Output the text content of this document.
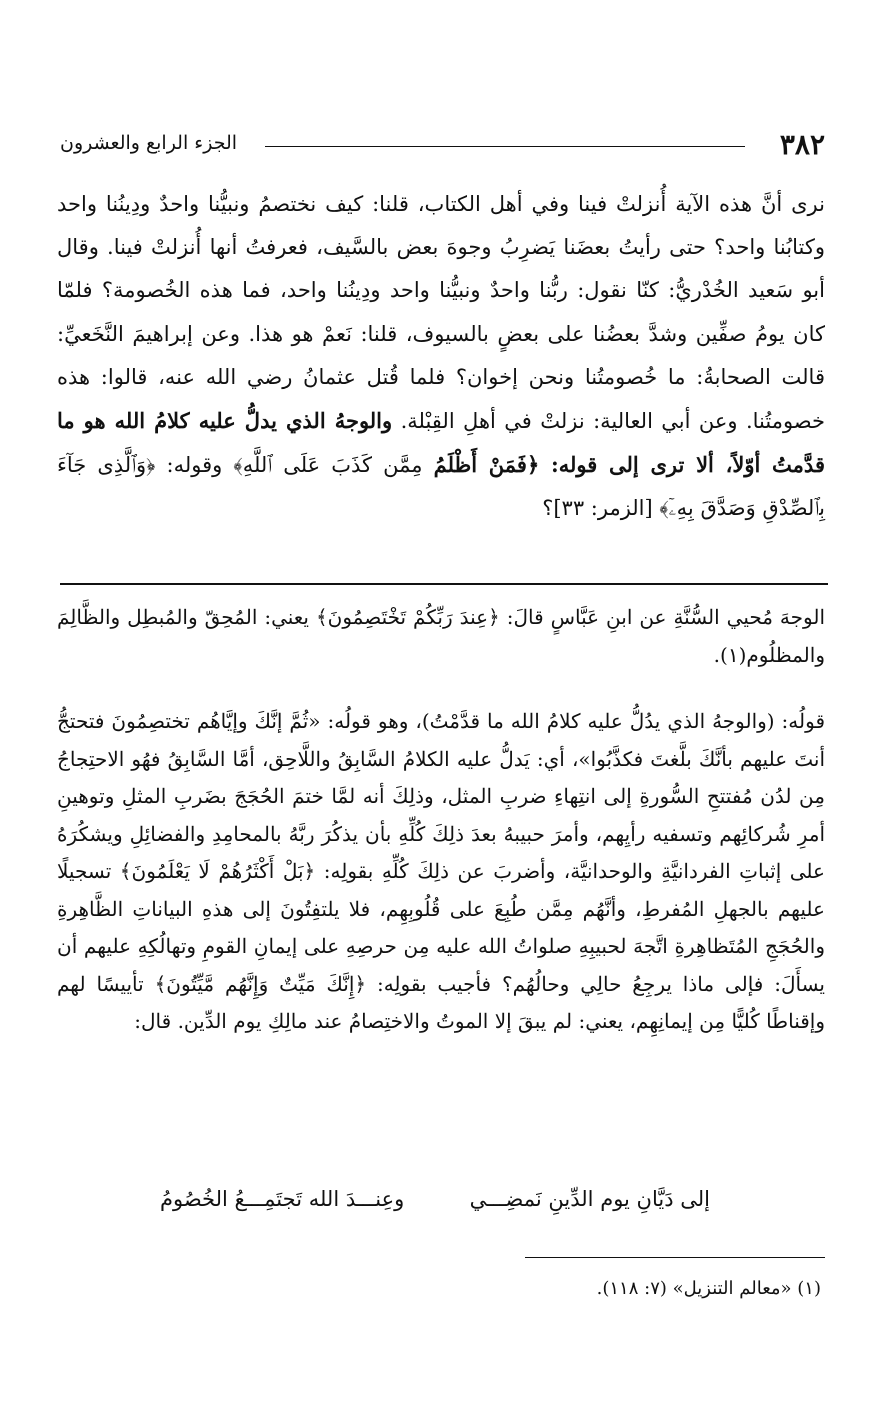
٣٨٢
الجزء الرابع والعشرون
نرى أنَّ هذه الآية أُنزلتْ فينا وفي أهل الكتاب، قلنا: كيف نختصمُ ونبيُّنا واحدٌ ودِينُنا واحد وكتابُنا واحد؟ حتى رأيتُ بعضَنا يَضرِبُ وجوهَ بعض بالسَّيف، فعرفتُ أنها أُنزلتْ فينا. وقال أبو سَعيد الخُدْريُّ: كنّا نقول: ربُّنا واحدٌ ونبيُّنا واحد ودِينُنا واحد، فما هذه الخُصومة؟ فلمّا كان يومُ صفِّين وشدَّ بعضُنا على بعضٍ بالسيوف، قلنا: نَعمْ هو هذا. وعن إبراهيمَ النَّخَعيِّ: قالت الصحابةُ: ما خُصومتُنا ونحن إخوان؟ فلما قُتل عثمانُ رضي الله عنه، قالوا: هذه خصومتُنا. وعن أبي العالية: نزلتْ في أهلِ القِبْلة. والوجهُ الذي يدلُّ عليه كلامُ الله هو ما قدَّمتُ أوّلاً، ألا ترى إلى قوله: ﴿فَمَنْ أَظْلَمُ مِمَّن كَذَبَ عَلَى ٱللَّهِ﴾ وقوله: ﴿وَٱلَّذِى جَآءَ بِٱلصِّدْقِ وَصَدَّقَ بِهِۦٓ﴾ [الزمر: ٣٣]؟
الوجهَ مُحيي السُّنَّةِ عن ابنِ عَبَّاسٍ قالَ: ﴿عِندَ رَبِّكُمْ تَخْتَصِمُونَ﴾ يعني: المُحِقّ والمُبطِل والظَّالِمَ والمظلُوم(١).
قولُه: (والوجهُ الذي يدُلُّ عليه كلامُ الله ما قدَّمْتُ)، وهو قولُه: «ثُمَّ إنَّكَ وإيَّاهُم تختصِمُونَ فتحتجُّ أنتَ عليهم بأنَّكَ بلَّغتَ فكذَّبُوا»، أي: يَدلُّ عليه الكلامُ السَّابِقُ واللَّاحِق، أمَّا السَّابِقُ فهُو الاحتِجاجُ مِن لدُن مُفتتحِ السُّورةِ إلى انتِهاءِ ضربِ المثل، وذلِكَ أنه لمَّا ختمَ الحُجَجَ بضَربِ المثلِ وتوهينِ أمرِ شُركائِهم وتسفيه رأيِهم، وأمرَ حبيبهُ بعدَ ذلِكَ كُلِّهِ بأن يذكُرَ ربَّهُ بالمحامِدِ والفضائِلِ ويشكُرَهُ على إثباتِ الفردانيَّةِ والوحدانيَّة، وأضربَ عن ذلِكَ كُلِّهِ بقولِه: ﴿بَلْ أَكْثَرُهُمْ لَا يَعْلَمُونَ﴾ تسجيلًا عليهم بالجهلِ المُفرطِ، وأنَّهُم مِمَّن طُبِعَ على قُلُوبِهِم، فلا يلتفِتُونَ إلى هذهِ البياناتِ الظَّاهِرةِ والحُجَجِ المُتَظاهِرةِ اتَّجهَ لحبيبِهِ صلواتُ الله عليه مِن حرصِهِ على إيمانِ القومِ وتهالُكِهِ عليهم أن يسأَلَ: فإلى ماذا يرجِعُ حالِي وحالُهُم؟ فأجيب بقولِه: ﴿إِنَّكَ مَيِّتٌ وَإِنَّهُم مَّيِّتُونَ﴾ تأييسًا لهم وإقناطًا كُليًّا مِن إيمانِهِم، يعني: لم يبقَ إلا الموتُ والاختِصامُ عند مالِكِ يوم الدِّين. قال:
إلى دَيَّانِ يوم الدِّينِ نَمضِـــي
وعِنـــدَ الله تَجتَمِـــعُ الخُصُومُ
(١) «معالم التنزيل» (٧: ١١٨).
